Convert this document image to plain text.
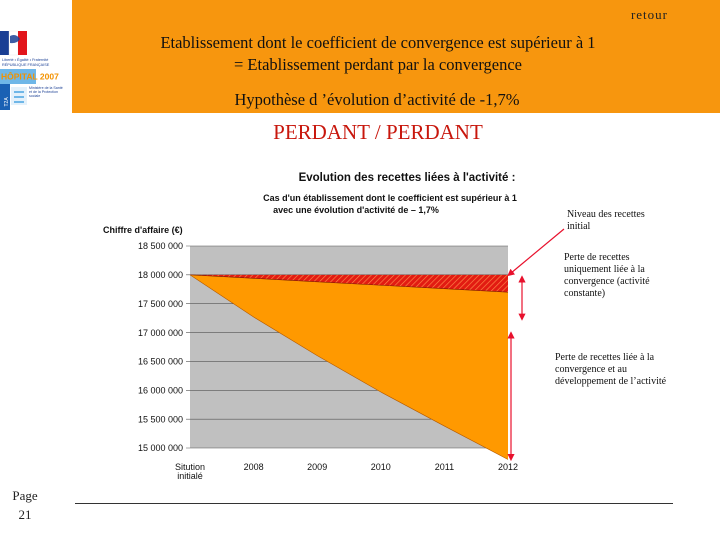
Liberté • Égalité • Fraternité
RÉPUBLIQUE FRANÇAISE
HÔPITAL 2007
T2A
Ministère de la Santé et de la Protection sociale
Page
21
retour
Etablissement dont le coefficient de convergence est supérieur à 1
= Etablissement perdant par la convergence
Hypothèse d ’évolution d’activité de -1,7%
PERDANT / PERDANT
Evolution des recettes liées à l'activité :
Cas d'un établissement dont le coefficient est supérieur à 1
avec une évolution d'activité de – 1,7%
Chiffre d'affaire (€)
18 500 000
18 000 000
17 500 000
17 000 000
16 500 000
16 000 000
15 500 000
15 000 000
Sitution
initialé
2008	2009	2010	2011	2012
Niveau des recettes initial
Perte de recettes uniquement liée à la convergence (activité constante)
Perte de recettes liée à la convergence et au développement de l’activité
